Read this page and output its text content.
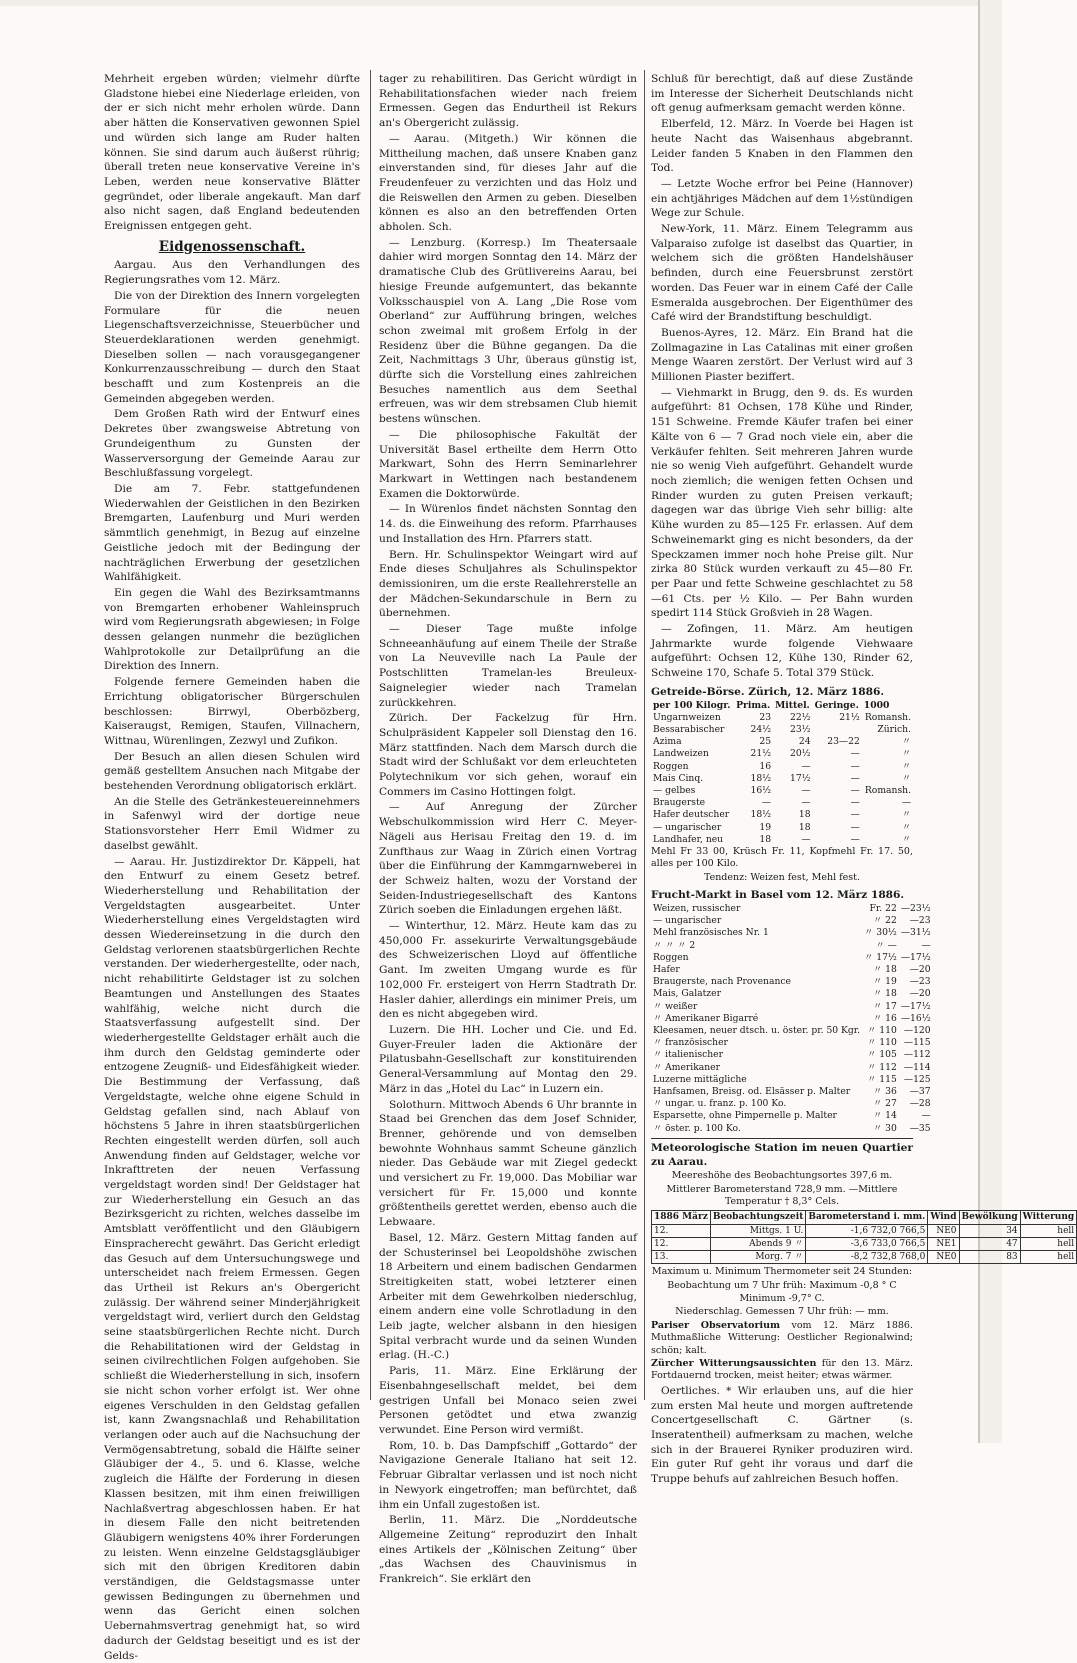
Mehrheit ergeben würden; vielmehr dürfte Gladstone hiebei eine Niederlage erleiden, von der er sich nicht mehr erholen würde. Dann aber hätten die Konservativen gewonnen Spiel und würden sich lange am Ruder halten können. Sie sind darum auch äußerst rührig; überall treten neue konservative Vereine in's Leben, werden neue konservative Blätter gegründet, oder liberale angekauft. Man darf also nicht sagen, daß England bedeutenden Ereignissen entgegen geht.

Eidgenossenschaft.

Aargau. Aus den Verhandlungen des Regierungsrathes vom 12. März.

Die von der Direktion des Innern vorgelegten Formulare für die neuen Liegenschaftsverzeichnisse, Steuerbücher und Steuerdeklarationen werden genehmigt. Dieselben sollen — nach vorausgegangener Konkurrenzausschreibung — durch den Staat beschafft und zum Kostenpreis an die Gemeinden abgegeben werden.

Dem Großen Rath wird der Entwurf eines Dekretes über zwangsweise Abtretung von Grundeigenthum zu Gunsten der Wasserversorgung der Gemeinde Aarau zur Beschlußfassung vorgelegt.

Die am 7. Febr. stattgefundenen Wiederwahlen der Geistlichen in den Bezirken Bremgarten, Laufenburg und Muri werden sämmtlich genehmigt, in Bezug auf einzelne Geistliche jedoch mit der Bedingung der nachträglichen Erwerbung der gesetzlichen Wahlfähigkeit.

Ein gegen die Wahl des Bezirksamtmanns von Bremgarten erhobener Wahleinspruch wird vom Regierungsrath abgewiesen; in Folge dessen gelangen nunmehr die bezüglichen Wahlprotokolle zur Detailprüfung an die Direktion des Innern.

Folgende fernere Gemeinden haben die Errichtung obligatorischer Bürgerschulen beschlossen: Birrwyl, Oberbözberg, Kaiseraugst, Remigen, Staufen, Villnachern, Wittnau, Würenlingen, Zezwyl und Zufikon.

Der Besuch an allen diesen Schulen wird gemäß gestelltem Ansuchen nach Mitgabe der bestehenden Verordnung obligatorisch erklärt.

An die Stelle des Getränkesteuereinnehmers in Safenwyl wird der dortige neue Stationsvorsteher Herr Emil Widmer zu daselbst gewählt.

— Aarau. Hr. Justizdirektor Dr. Käppeli, hat den Entwurf zu einem Gesetz betref. Wiederherstellung und Rehabilitation der Vergeldstagten ausgearbeitet. Unter Wiederherstellung eines Vergeldstagten wird dessen Wiedereinsetzung in die durch den Geldstag verlorenen staatsbürgerlichen Rechte verstanden. Der wiederhergestellte, oder nach, nicht rehabilitirte Geldstager ist zu solchen Beamtungen und Anstellungen des Staates wahlfähig, welche nicht durch die Staatsverfassung aufgestellt sind. Der wiederhergestellte Geldstager erhält auch die ihm durch den Geldstag geminderte oder entzogene Zeugniß- und Eidesfähigkeit wieder. Die Bestimmung der Verfassung, daß Vergeldstagte, welche ohne eigene Schuld in Geldstag gefallen sind, nach Ablauf von höchstens 5 Jahre in ihren staatsbürgerlichen Rechten eingestellt werden dürfen, soll auch Anwendung finden auf Geldstager, welche vor Inkrafttreten der neuen Verfassung vergeldstagt worden sind! Der Geldstager hat zur Wiederherstellung ein Gesuch an das Bezirksgericht zu richten, welches dasselbe im Amtsblatt veröffentlicht und den Gläubigern Einspracherecht gewährt. Das Gericht erledigt das Gesuch auf dem Untersuchungswege und unterscheidet nach freiem Ermessen. Gegen das Urtheil ist Rekurs an's Obergericht zulässig. Der während seiner Minderjährigkeit vergeldstagt wird, verliert durch den Geldstag seine staatsbürgerlichen Rechte nicht. Durch die Rehabilitationen wird der Geldstag in seinen civilrechtlichen Folgen aufgehoben. Sie schließt die Wiederherstellung in sich, insofern sie nicht schon vorher erfolgt ist. Wer ohne eigenes Verschulden in den Geldstag gefallen ist, kann Zwangsnachlaß und Rehabilitation verlangen oder auch auf die Nachsuchung der Vermögensabtretung, sobald die Hälfte seiner Gläubiger der 4., 5. und 6. Klasse, welche zugleich die Hälfte der Forderung in diesen Klassen besitzen, mit ihm einen freiwilligen Nachlaßvertrag abgeschlossen haben. Er hat in diesem Falle den nicht beitretenden Gläubigern wenigstens 40% ihrer Forderungen zu leisten. Wenn einzelne Geldstagsgläubiger sich mit den übrigen Kreditoren dabin verständigen, die Geldstagsmasse unter gewissen Bedingungen zu übernehmen und wenn das Gericht einen solchen Uebernahmsvertrag genehmigt hat, so wird dadurch der Geldstag beseitigt und es ist der Gelds-

tager zu rehabilitiren. Das Gericht würdigt in Rehabilitationsfachen wieder nach freiem Ermessen. Gegen das Endurtheil ist Rekurs an's Obergericht zulässig.

— Aarau. (Mitgeth.) Wir können die Mittheilung machen, daß unsere Knaben ganz einverstanden sind, für dieses Jahr auf die Freudenfeuer zu verzichten und das Holz und die Reiswellen den Armen zu geben. Dieselben können es also an den betreffenden Orten abholen. Sch.

— Lenzburg. (Korresp.) Im Theatersaale dahier wird morgen Sonntag den 14. März der dramatische Club des Grütlivereins Aarau, bei hiesige Freunde aufgemuntert, das bekannte Volksschauspiel von A. Lang „Die Rose vom Oberland“ zur Aufführung bringen, welches schon zweimal mit großem Erfolg in der Residenz über die Bühne gegangen. Da die Zeit, Nachmittags 3 Uhr, überaus günstig ist, dürfte sich die Vorstellung eines zahlreichen Besuches namentlich aus dem Seethal erfreuen, was wir dem strebsamen Club hiemit bestens wünschen.

— Die philosophische Fakultät der Universität Basel ertheilte dem Herrn Otto Markwart, Sohn des Herrn Seminarlehrer Markwart in Wettingen nach bestandenem Examen die Doktorwürde.

— In Würenlos findet nächsten Sonntag den 14. ds. die Einweihung des reform. Pfarrhauses und Installation des Hrn. Pfarrers statt.

Bern. Hr. Schulinspektor Weingart wird auf Ende dieses Schuljahres als Schulinspektor demissioniren, um die erste Reallehrerstelle an der Mädchen-Sekundarschule in Bern zu übernehmen.

— Dieser Tage mußte infolge Schneeanhäufung auf einem Theile der Straße von La Neuveville nach La Paule der Postschlitten Tramelan-les Breuleux-Saignelegier wieder nach Tramelan zurückkehren.

Zürich. Der Fackelzug für Hrn. Schulpräsident Kappeler soll Dienstag den 16. März stattfinden. Nach dem Marsch durch die Stadt wird der Schlußakt vor dem erleuchteten Polytechnikum vor sich gehen, worauf ein Commers im Casino Hottingen folgt.

— Auf Anregung der Zürcher Webschulkommission wird Herr C. Meyer-Nägeli aus Herisau Freitag den 19. d. im Zunfthaus zur Waag in Zürich einen Vortrag über die Einführung der Kammgarnweberei in der Schweiz halten, wozu der Vorstand der Seiden-Industriegesellschaft des Kantons Zürich soeben die Einladungen ergehen läßt.

— Winterthur, 12. März. Heute kam das zu 450,000 Fr. assekurirte Verwaltungsgebäude des Schweizerischen Lloyd auf öffentliche Gant. Im zweiten Umgang wurde es für 102,000 Fr. ersteigert von Herrn Stadtrath Dr. Hasler dahier, allerdings ein minimer Preis, um den es nicht abgegeben wird.

Luzern. Die HH. Locher und Cie. und Ed. Guyer-Freuler laden die Aktionäre der Pilatusbahn-Gesellschaft zur konstituirenden General-Versammlung auf Montag den 29. März in das „Hotel du Lac“ in Luzern ein.

Solothurn. Mittwoch Abends 6 Uhr brannte in Staad bei Grenchen das dem Josef Schnider, Brenner, gehörende und von demselben bewohnte Wohnhaus sammt Scheune gänzlich nieder. Das Gebäude war mit Ziegel gedeckt und versichert zu Fr. 19,000. Das Mobiliar war versichert für Fr. 15,000 und konnte größtentheils gerettet werden, ebenso auch die Lebwaare.

Basel, 12. März. Gestern Mittag fanden auf der Schusterinsel bei Leopoldshöhe zwischen 18 Arbeitern und einem badischen Gendarmen Streitigkeiten statt, wobei letzterer einen Arbeiter mit dem Gewehrkolben niederschlug, einem andern eine volle Schrotladung in den Leib jagte, welcher alsbann in den hiesigen Spital verbracht wurde und da seinen Wunden erlag. (H.-C.)

Paris, 11. März. Eine Erklärung der Eisenbahngesellschaft meldet, bei dem gestrigen Unfall bei Monaco seien zwei Personen getödtet und etwa zwanzig verwundet. Eine Person wird vermißt.

Rom, 10. b. Das Dampfschiff „Gottardo“ der Navigazione Generale Italiano hat seit 12. Februar Gibraltar verlassen und ist noch nicht in Newyork eingetroffen; man befürchtet, daß ihm ein Unfall zugestoßen ist.

Berlin, 11. März. Die „Norddeutsche Allgemeine Zeitung“ reproduzirt den Inhalt eines Artikels der „Kölnischen Zeitung“ über „das Wachsen des Chauvinismus in Frankreich“. Sie erklärt den

Schluß für berechtigt, daß auf diese Zustände im Interesse der Sicherheit Deutschlands nicht oft genug aufmerksam gemacht werden könne.

Elberfeld, 12. März. In Voerde bei Hagen ist heute Nacht das Waisenhaus abgebrannt. Leider fanden 5 Knaben in den Flammen den Tod.

— Letzte Woche erfror bei Peine (Hannover) ein achtjähriges Mädchen auf dem 1½stündigen Wege zur Schule.

New-York, 11. März. Einem Telegramm aus Valparaiso zufolge ist daselbst das Quartier, in welchem sich die größten Handelshäuser befinden, durch eine Feuersbrunst zerstört worden. Das Feuer war in einem Café der Calle Esmeralda ausgebrochen. Der Eigenthümer des Café wird der Brandstiftung beschuldigt.

Buenos-Ayres, 12. März. Ein Brand hat die Zollmagazine in Las Catalinas mit einer großen Menge Waaren zerstört. Der Verlust wird auf 3 Millionen Piaster beziffert.

— Viehmarkt in Brugg, den 9. ds. Es wurden aufgeführt: 81 Ochsen, 178 Kühe und Rinder, 151 Schweine. Fremde Käufer trafen bei einer Kälte von 6 — 7 Grad noch viele ein, aber die Verkäufer fehlten. Seit mehreren Jahren wurde nie so wenig Vieh aufgeführt. Gehandelt wurde noch ziemlich; die wenigen fetten Ochsen und Rinder wurden zu guten Preisen verkauft; dagegen war das übrige Vieh sehr billig: alte Kühe wurden zu 85—125 Fr. erlassen. Auf dem Schweinemarkt ging es nicht besonders, da der Speckzamen immer noch hohe Preise gilt. Nur zirka 80 Stück wurden verkauft zu 45—80 Fr. per Paar und fette Schweine geschlachtet zu 58—61 Cts. per ½ Kilo. — Per Bahn wurden spedirt 114 Stück Großvieh in 28 Wagen.

— Zofingen, 11. März. Am heutigen Jahrmarkte wurde folgende Viehwaare aufgeführt: Ochsen 12, Kühe 130, Rinder 62, Schweine 170, Schafe 5. Total 379 Stück.

Getreide-Börse. Zürich, 12. März 1886.
per 100 Kilogr.	Prima.	Mittel.	Geringe.	1000
Ungarnweizen	23	22½	21½	Romansh.
Bessarabischer	24½	23½		Zürich.
Azima	25	24	23—22	〃
Landweizen	21½	20½	—	〃
Roggen	16	—	—	〃
Mais Cinq.	18½	17½	—	〃
— gelbes	16½	—	—	Romansh.
Braugerste	—	—	—	—
Hafer deutscher	18½	18	—	〃
— ungarischer	19	18	—	〃
Landhafer, neu	18	—	—	〃

Mehl Fr 33 00, Krüsch Fr. 11, Kopfmehl Fr. 17. 50, alles per 100 Kilo.

Tendenz: Weizen fest, Mehl fest.

Frucht-Markt in Basel vom 12. März 1886.
Weizen, russischer	Fr. 22	—23½
— ungarischer	〃 22	—23
Mehl französisches Nr. 1	〃 30½	—31½
〃 〃 〃 2	〃 —	—
Roggen	〃 17½	—17½
Hafer	〃 18	—20
Braugerste, nach Provenance	〃 19	—23
Mais, Galatzer	〃 18	—20
〃 weißer	〃 17	—17½
〃 Amerikaner Bigarré	〃 16	—16½
Kleesamen, neuer dtsch. u. öster. pr. 50 Kgr.	〃 110	—120
〃 französischer	〃 110	—115
〃 italienischer	〃 105	—112
〃 Amerikaner	〃 112	—114
Luzerne mittägliche	〃 115	—125
Hanfsamen, Breisg. od. Elsässer p. Malter	〃 36	—37
〃 ungar. u. franz. p. 100 Ko.	〃 27	—28
Esparsette, ohne Pimpernelle p. Malter	〃 14	—
〃 öster. p. 100 Ko.	〃 30	—35
Meteorologische Station im neuen Quartier zu Aarau.

Meereshöhe des Beobachtungsortes 397,6 m.

Mittlerer Barometerstand 728,9 mm. —Mittlere Temperatur † 8,3° Cels.

1886 März	Beobachtungszeit	Barometerstand i. mm.	Wind	Bewölkung	Witterung
12.	Mittgs. 1 U.	-1,6 732,0 766,5	NE0	34	hell
12.	Abends 9 〃	-3,6 733,0 766,5	NE1	47	hell
13.	Morg. 7 〃	-8,2 732,8 768,0	NE0	83	hell

Maximum u. Minimum Thermometer seit 24 Stunden:

Beobachtung um 7 Uhr früh: Maximum -0,8 ° C

Minimum -9,7° C.

Niederschlag. Gemessen 7 Uhr früh: — mm.

Pariser Observatorium vom 12. März 1886. Muthmaßliche Witterung: Oestlicher Regionalwind; schön; kalt.

Zürcher Witterungsaussichten für den 13. März. Fortdauernd trocken, meist heiter; etwas wärmer.

Oertliches. * Wir erlauben uns, auf die hier zum ersten Mal heute und morgen auftretende Concertgesellschaft C. Gärtner (s. Inseratentheil) aufmerksam zu machen, welche sich in der Brauerei Ryniker produziren wird. Ein guter Ruf geht ihr voraus und darf die Truppe behufs auf zahlreichen Besuch hoffen.
